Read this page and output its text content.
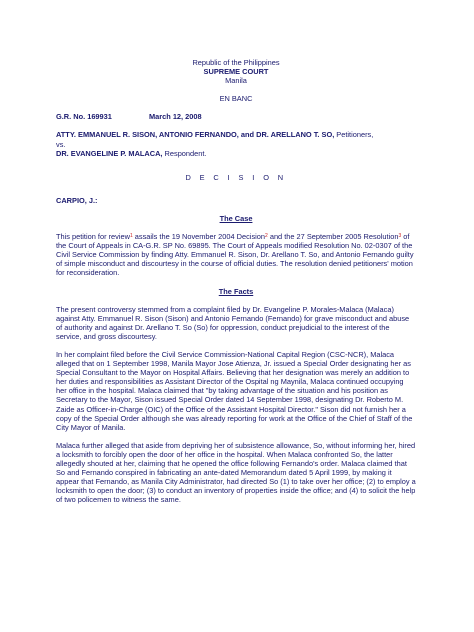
Republic of the Philippines
SUPREME COURT
Manila
EN BANC
G.R. No. 169931	March 12, 2008
ATTY. EMMANUEL R. SISON, ANTONIO FERNANDO, and DR. ARELLANO T. SO, Petitioners,
vs.
DR. EVANGELINE P. MALACA, Respondent.
D E C I S I O N
CARPIO, J.:
The Case

This petition for review$^1$ assails the 19 November 2004 Decision$^2$ and the 27 September 2005 Resolution$^3$ of the Court of Appeals in CA-G.R. SP No. 69895. The Court of Appeals modified Resolution No. 02-0307 of the Civil Service Commission by finding Atty. Emmanuel R. Sison, Dr. Arellano T. So, and Antonio Fernando guilty of simple misconduct and discourtesy in the course of official duties. The resolution denied petitioners' motion for reconsideration.

The Facts

The present controversy stemmed from a complaint filed by Dr. Evangeline P. Morales-Malaca (Malaca) against Atty. Emmanuel R. Sison (Sison) and Antonio Fernando (Fernando) for grave misconduct and abuse of authority and against Dr. Arellano T. So (So) for oppression, conduct prejudicial to the interest of the service, and gross discourtesy.

In her complaint filed before the Civil Service Commission-National Capital Region (CSC-NCR), Malaca alleged that on 1 September 1998, Manila Mayor Jose Atienza, Jr. issued a Special Order designating her as Special Consultant to the Mayor on Hospital Affairs. Believing that her designation was merely an addition to her duties and responsibilities as Assistant Director of the Ospital ng Maynila, Malaca continued occupying her office in the hospital. Malaca claimed that "by taking advantage of the situation and his position as Secretary to the Mayor, Sison issued Special Order dated 14 September 1998, designating Dr. Roberto M. Zaide as Officer-in-Charge (OIC) of the Office of the Assistant Hospital Director." Sison did not furnish her a copy of the Special Order although she was already reporting for work at the Office of the Chief of Staff of the City Mayor of Manila.

Malaca further alleged that aside from depriving her of subsistence allowance, So, without informing her, hired a locksmith to forcibly open the door of her office in the hospital. When Malaca confronted So, the latter allegedly shouted at her, claiming that he opened the office following Fernando's order. Malaca claimed that So and Fernando conspired in fabricating an ante-dated Memorandum dated 5 April 1999, by making it appear that Fernando, as Manila City Administrator, had directed So (1) to take over her office; (2) to employ a locksmith to open the door; (3) to conduct an inventory of properties inside the office; and (4) to solicit the help of two policemen to witness the same.
